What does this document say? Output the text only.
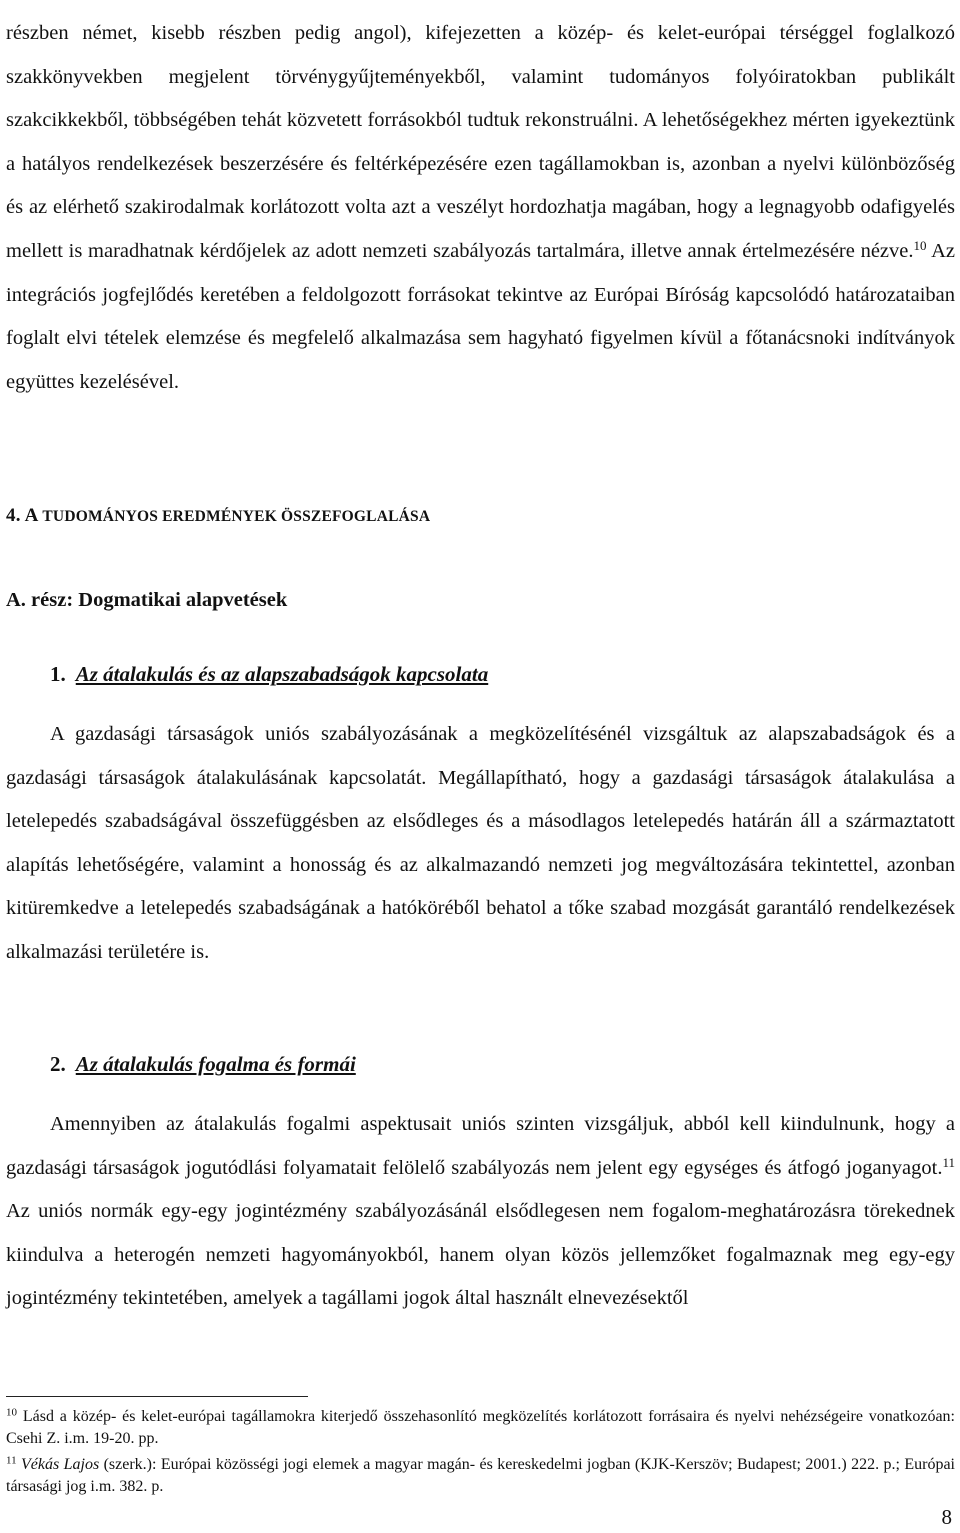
részben német, kisebb részben pedig angol), kifejezetten a közép- és kelet-európai térséggel foglalkozó szakkönyvekben megjelent törvénygyűjteményekből, valamint tudományos folyóiratokban publikált szakcikkekből, többségében tehát közvetett forrásokból tudtuk rekonstruálni. A lehetőségekhez mérten igyekeztünk a hatályos rendelkezések beszerzésére és feltérképezésére ezen tagállamokban is, azonban a nyelvi különbözőség és az elérhető szakirodalmak korlátozott volta azt a veszélyt hordozhatja magában, hogy a legnagyobb odafigyelés mellett is maradhatnak kérdőjelek az adott nemzeti szabályozás tartalmára, illetve annak értelmezésére nézve.$^{10}$ Az integrációs jogfejlődés keretében a feldolgozott forrásokat tekintve az Európai Bíróság kapcsolódó határozataiban foglalt elvi tételek elemzése és megfelelő alkalmazása sem hagyható figyelmen kívül a főtanácsnoki indítványok együttes kezelésével.

4. A TUDOMÁNYOS EREDMÉNYEK ÖSSZEFOGLALÁSA
A. rész: Dogmatikai alapvetések
1. Az átalakulás és az alapszabadságok kapcsolata

A gazdasági társaságok uniós szabályozásának a megközelítésénél vizsgáltuk az alapszabadságok és a gazdasági társaságok átalakulásának kapcsolatát. Megállapítható, hogy a gazdasági társaságok átalakulása a letelepedés szabadságával összefüggésben az elsődleges és a másodlagos letelepedés határán áll a származtatott alapítás lehetőségére, valamint a honosság és az alkalmazandó nemzeti jog megváltozására tekintettel, azonban kitüremkedve a letelepedés szabadságának a hatóköréből behatol a tőke szabad mozgását garantáló rendelkezések alkalmazási területére is.

2. Az átalakulás fogalma és formái

Amennyiben az átalakulás fogalmi aspektusait uniós szinten vizsgáljuk, abból kell kiindulnunk, hogy a gazdasági társaságok jogutódlási folyamatait felölelő szabályozás nem jelent egy egységes és átfogó joganyagot.$^{11}$ Az uniós normák egy-egy jogintézmény szabályozásánál elsődlegesen nem fogalom-meghatározásra törekednek kiindulva a heterogén nemzeti hagyományokból, hanem olyan közös jellemzőket fogalmaznak meg egy-egy jogintézmény tekintetében, amelyek a tagállami jogok által használt elnevezésektől

$^{10}$ Lásd a közép- és kelet-európai tagállamokra kiterjedő összehasonlító megközelítés korlátozott forrásaira és nyelvi nehézségeire vonatkozóan: Csehi Z. i.m. 19-20. pp.

$^{11}$ Vékás Lajos (szerk.): Európai közösségi jogi elemek a magyar magán- és kereskedelmi jogban (KJK-Kerszöv; Budapest; 2001.) 222. p.; Európai társasági jog i.m. 382. p.

8
